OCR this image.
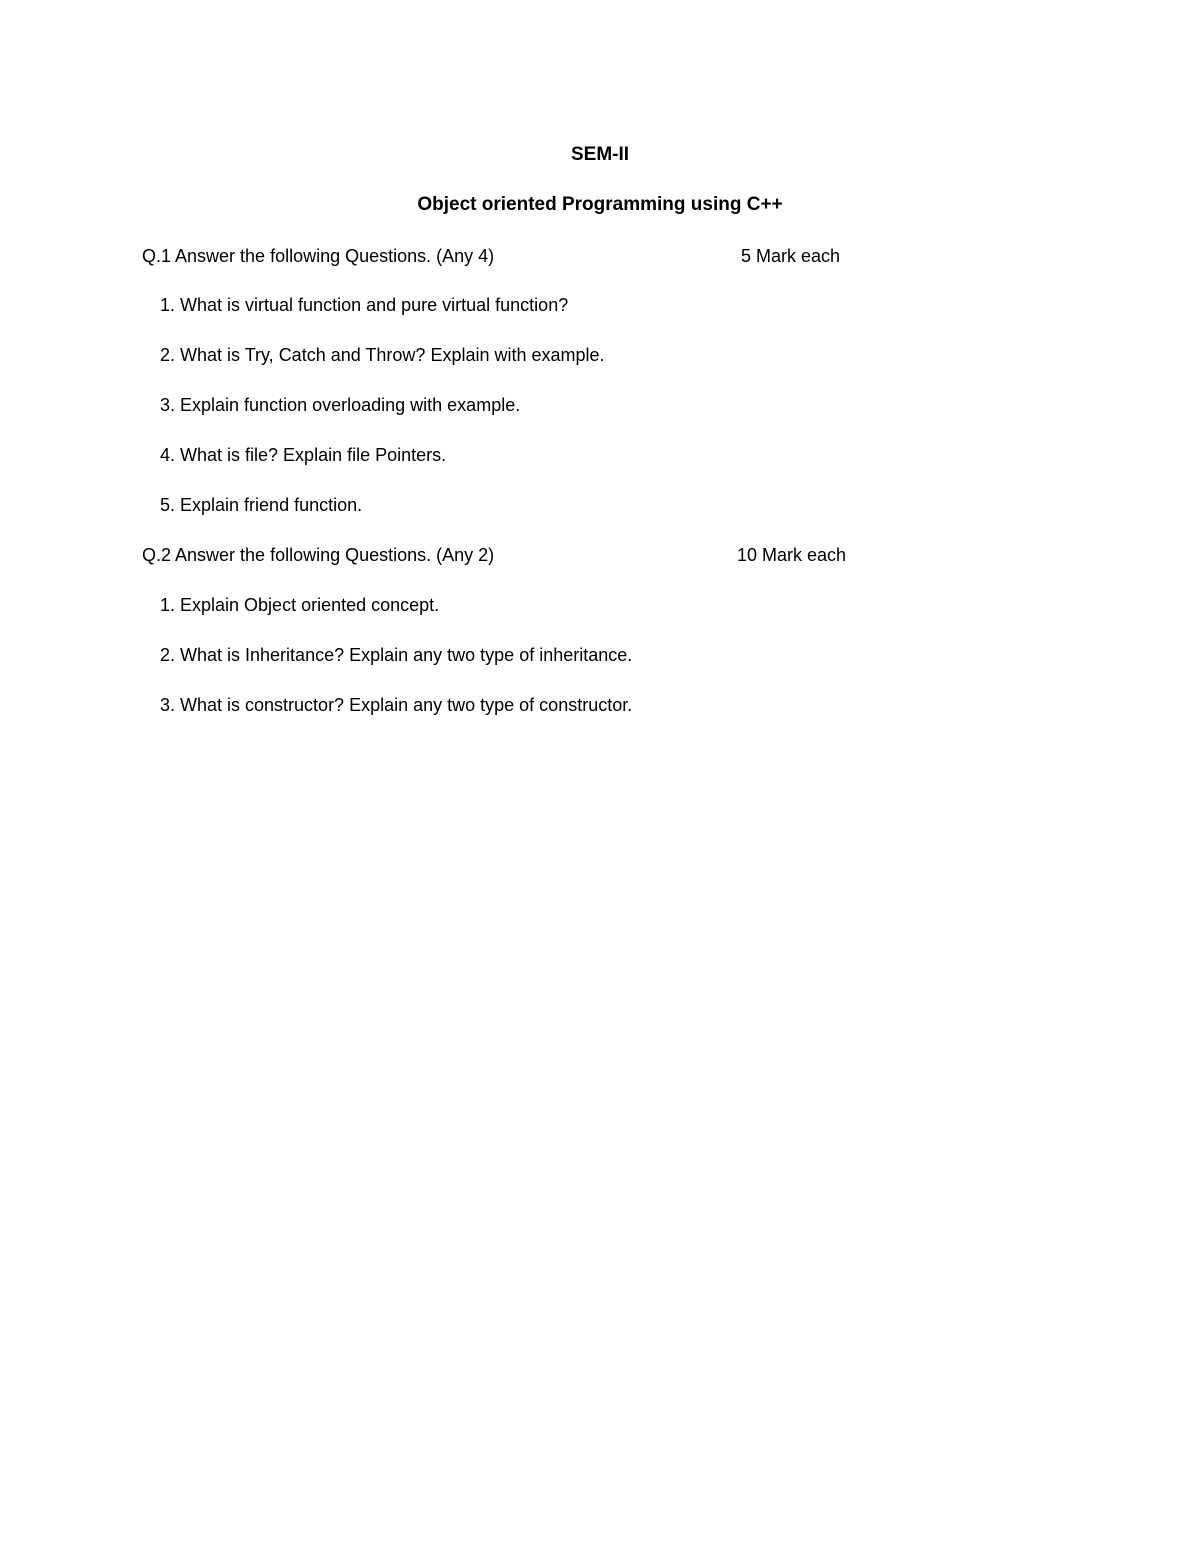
SEM-II
Object oriented Programming using C++

Q.1 Answer the following Questions. (Any 4)	5 Mark each

1. What is virtual function and pure virtual function?
2. What is Try, Catch and Throw? Explain with example.
3. Explain function overloading with example.
4. What is file? Explain file Pointers.
5. Explain friend function.

Q.2 Answer the following Questions. (Any 2)	10 Mark each

1. Explain Object oriented concept.
2. What is Inheritance? Explain any two type of inheritance.
3. What is constructor? Explain any two type of constructor.
